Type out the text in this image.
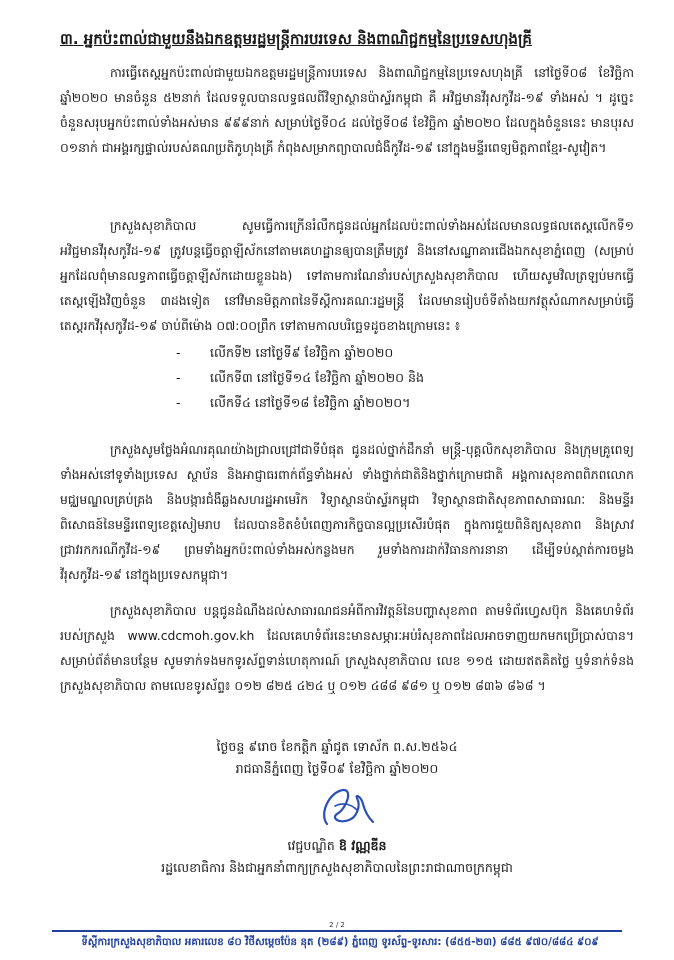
៣. អ្នកប៉ះពាល់ជាមួយនឹងឯកឧត្តមរដ្ឋមន្ត្រីការបរទេស និងពាណិជ្ជកម្មនៃប្រទេសហុងគ្រី

ការធ្វើតេស្តអ្នកប៉ះពាល់ជាមួយឯកឧត្តមរដ្ឋមន្ត្រីការបរទេស និងពាណិជ្ជកម្មនៃប្រទេសហុងគ្រី នៅថ្ងៃទី០៨ ខែវិច្ឆិកា ឆ្នាំ២០២០ មានចំនួន ៥២នាក់ ដែលទទួលបានលទ្ធផលពីវិទ្យាស្ថានប៉ាស្ទ័រកម្ពុជា គឺ អវិជ្ជមានវីរុសកូវីដ-១៩ ទាំងអស់ ។ ដូច្នេះ ចំនួនសរុបអ្នកប៉ះពាល់ទាំងអស់មាន ៩៩៩នាក់ សម្រាប់ថ្ងៃទី០៤ ដល់ថ្ងៃទី០៨ ខែវិច្ឆិកា ឆ្នាំ២០២០ ដែលក្នុងចំនួននេះ មានបុរស ០១នាក់ ជាអង្គរក្សផ្ទាល់របស់គណប្រតិភូហុងគ្រី កំពុងសម្រាកព្យាបាលជំងឺកូវីដ-១៩ នៅក្នុងមន្ទីរពេទ្យមិត្តភាពខ្មែរ-សូវៀត។

ក្រសួងសុខាភិបាល សូមធ្វើការក្រើនរំលឹកជូនដល់អ្នកដែលប៉ះពាល់ទាំងអស់ដែលមានលទ្ធផលតេស្តលើកទី១ អវិជ្ជមានវីរុសកូវីដ-១៩ ត្រូវបន្តធ្វើចត្តាឡីស័កនៅតាមគេហដ្ឋានឲ្យបានត្រឹមត្រូវ និងនៅសណ្ឋាគារជើងឯកសុខាភ្នំពេញ (សម្រាប់អ្នកដែលពុំមានលទ្ធភាពធ្វើចត្តាឡីស័កដោយខ្លួនឯង) ទៅតាមការណែនាំរបស់ក្រសួងសុខាភិបាល ហើយសូមវិលត្រឡប់មកធ្វើតេស្តឡើងវិញចំនួន ៣ដងទៀត នៅវិមានមិត្តភាពនៃទីស្តីការគណៈរដ្ឋមន្ត្រី ដែលមានរៀបចំទីតាំងយកវត្ថុសំណាកសម្រាប់ធ្វើតេស្តរកវីរុសកូវីដ-១៩ ចាប់ពីម៉ោង ០៧:០០ព្រឹក ទៅតាមកាលបរិច្ឆេទដូចខាងក្រោមនេះ ៖

-	លើកទី២ នៅថ្ងៃទី៩ ខែវិច្ឆិកា ឆ្នាំ២០២០
-	លើកទី៣ នៅថ្ងៃទី១៤ ខែវិច្ឆិកា ឆ្នាំ២០២០ និង
-	លើកទី៤ នៅថ្ងៃទី១៨ ខែវិច្ឆិកា ឆ្នាំ២០២០។

ក្រសួងសូមថ្លែងអំណរគុណយ៉ាងជ្រាលជ្រៅជាទីបំផុត ជូនដល់ថ្នាក់ដឹកនាំ មន្ត្រី-បុគ្គលិកសុខាភិបាល និងក្រុមគ្រូពេទ្យទាំងអស់នៅទូទាំងប្រទេស ស្ថាប័ន និងអាជ្ញាធរពាក់ព័ន្ធទាំងអស់ ទាំងថ្នាក់ជាតិនិងថ្នាក់ក្រោមជាតិ អង្គការសុខភាពពិភពលោក មជ្ឈមណ្ឌលគ្រប់គ្រង និងបង្ការជំងឺឆ្លងសហរដ្ឋអាមេរិក វិទ្យាស្ថានប៉ាស្ទ័រកម្ពុជា វិទ្យាស្ថានជាតិសុខភាពសាធារណៈ និងមន្ទីរពិសោធន៍នៃមន្ទីរពេទ្យខេត្តសៀមរាប ដែលបានខិតខំបំពេញភារកិច្ចបានល្អប្រសើរបំផុត ក្នុងការជួយពិនិត្យសុខភាព និងស្រាវជ្រាវរកករណីកូវីដ-១៩ ព្រមទាំងអ្នកប៉ះពាល់ទាំងអស់កន្លងមក រួមទាំងការដាក់វិធានការនានា ដើម្បីទប់ស្កាត់ការចម្លងវីរុសកូវីដ-១៩ នៅក្នុងប្រទេសកម្ពុជា។

ក្រសួងសុខាភិបាល បន្តជូនដំណឹងដល់សាធារណជនអំពីការវិវត្តន៍នៃបញ្ហាសុខភាព តាមទំព័រហ្វេសប៊ុក និងគេហទំព័ររបស់ក្រសួង www.cdcmoh.gov.kh ដែលគេហទំព័រនេះមានសម្ភារៈអប់រំសុខភាពដែលអាចទាញយកមកប្រើប្រាស់បាន។ សម្រាប់ព័ត៌មានបន្ថែម សូមទាក់ទងមកទូរស័ព្ទទាន់ហេតុការណ៍ ក្រសួងសុខាភិបាល លេខ ១១៥ ដោយឥតគិតថ្លៃ ឬទំនាក់ទំនងក្រសួងសុខាភិបាល តាមលេខទូរស័ព្ទ៖ ០១២ ៨២៥ ៤២៤ ឬ ០១២ ៤៨៨ ៩៨១ ឬ ០១២ ៨៣៦ ៨៦៨ ។

ថ្ងៃចន្ទ ៩រោច ខែកត្តិក ឆ្នាំជូត ទោស័ក ព.ស.២៥៦៤
រាជធានីភ្នំពេញ ថ្ងៃទី០៩ ខែវិច្ឆិកា ឆ្នាំ២០២០
វេជ្ជបណ្ឌិត ឱ វណ្ណឌីន
រដ្ឋលេខាធិការ និងជាអ្នកនាំពាក្យក្រសួងសុខាភិបាលនៃព្រះរាជាណាចក្រកម្ពុជា
2 / 2
ទីស្តីការក្រសួងសុខាភិបាល អគារលេខ ៨០ វិថីសម្តេចប៉ែន នុត (២៨៩) ភ្នំពេញ ទូរស័ព្ទ-ទូរសារ: (៨៥៥-២៣) ៨៨៥ ៩៧០/៨៨៤ ៩០៩
